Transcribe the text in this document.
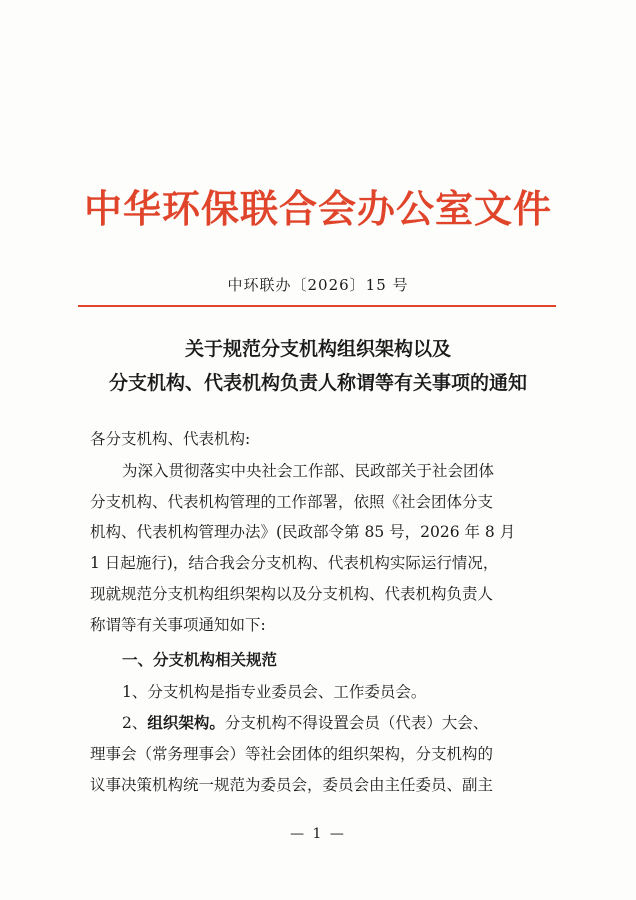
中华环保联合会办公室文件
中环联办〔2026〕15 号
关于规范分支机构组织架构以及
分支机构、代表机构负责人称谓等有关事项的通知
各分支机构、代表机构:
为深入贯彻落实中央社会工作部、民政部关于社会团体
分支机构、代表机构管理的工作部署，依照《社会团体分支
机构、代表机构管理办法》(民政部令第 85 号，2026 年 8 月
1 日起施行)，结合我会分支机构、代表机构实际运行情况，
现就规范分支机构组织架构以及分支机构、代表机构负责人
称谓等有关事项通知如下:
一、分支机构相关规范
1、分支机构是指专业委员会、工作委员会。
2、组织架构。分支机构不得设置会员（代表）大会、
理事会（常务理事会）等社会团体的组织架构，分支机构的
议事决策机构统一规范为委员会，委员会由主任委员、副主
— 1 —
